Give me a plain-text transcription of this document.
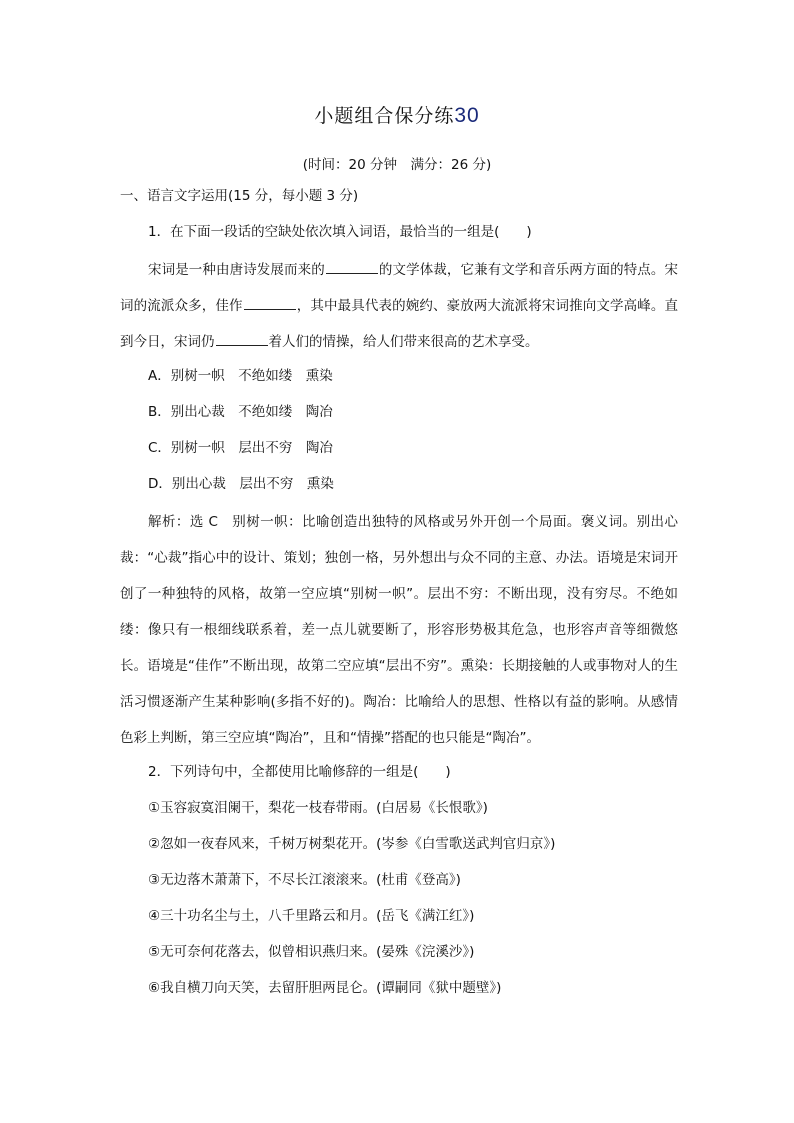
小题组合保分练30
(时间：20 分钟　满分：26 分)
一、语言文字运用(15 分，每小题 3 分)
1．在下面一段话的空缺处依次填入词语，最恰当的一组是(　　)
宋词是一种由唐诗发展而来的	的文学体裁，它兼有文学和音乐两方面的特点。宋词的流派众多，佳作	，其中最具代表的婉约、豪放两大流派将宋词推向文学高峰。直到今日，宋词仍	着人们的情操，给人们带来很高的艺术享受。
A．别树一帜　不绝如缕　熏染
B．别出心裁　不绝如缕　陶冶
C．别树一帜　层出不穷　陶冶
D．别出心裁　层出不穷　熏染
解析：选 C　别树一帜：比喻创造出独特的风格或另外开创一个局面。褒义词。别出心裁：“心裁”指心中的设计、策划；独创一格，另外想出与众不同的主意、办法。语境是宋词开创了一种独特的风格，故第一空应填“别树一帜”。层出不穷：不断出现，没有穷尽。不绝如缕：像只有一根细线联系着，差一点儿就要断了，形容形势极其危急，也形容声音等细微悠长。语境是“佳作”不断出现，故第二空应填“层出不穷”。熏染：长期接触的人或事物对人的生活习惯逐渐产生某种影响(多指不好的)。陶冶：比喻给人的思想、性格以有益的影响。从感情色彩上判断，第三空应填“陶冶”，且和“情操”搭配的也只能是“陶冶”。
2．下列诗句中，全都使用比喻修辞的一组是(　　)
①玉容寂寞泪阑干，梨花一枝春带雨。(白居易《长恨歌》)
②忽如一夜春风来，千树万树梨花开。(岑参《白雪歌送武判官归京》)
③无边落木萧萧下，不尽长江滚滚来。(杜甫《登高》)
④三十功名尘与土，八千里路云和月。(岳飞《满江红》)
⑤无可奈何花落去，似曾相识燕归来。(晏殊《浣溪沙》)
⑥我自横刀向天笑，去留肝胆两昆仑。(谭嗣同《狱中题壁》)
